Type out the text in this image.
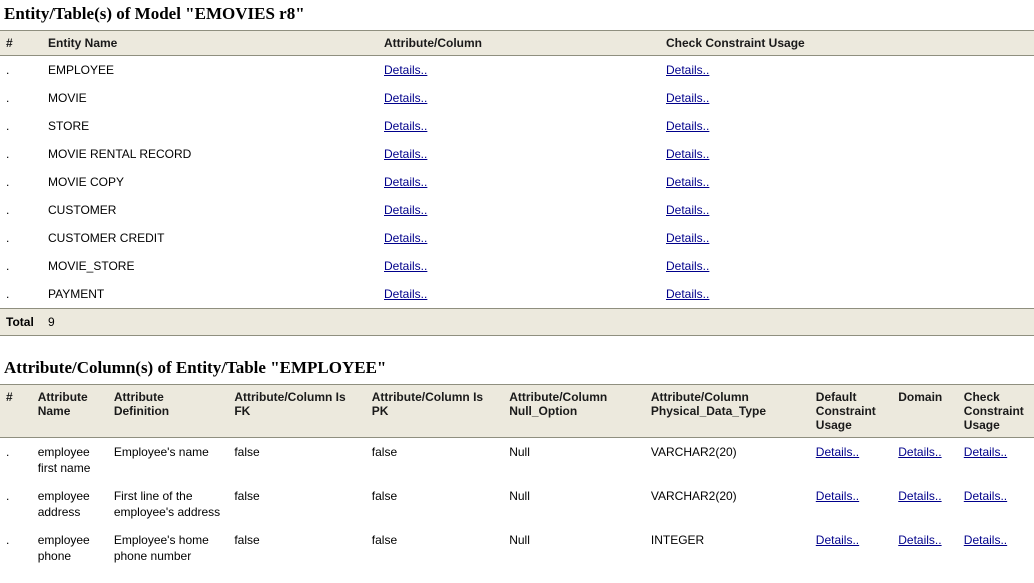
Entity/Table(s) of Model "EMOVIES r8"
#	Entity Name	Attribute/Column	Check Constraint Usage
.	EMPLOYEE	Details..	Details..
.	MOVIE	Details..	Details..
.	STORE	Details..	Details..
.	MOVIE RENTAL RECORD	Details..	Details..
.	MOVIE COPY	Details..	Details..
.	CUSTOMER	Details..	Details..
.	CUSTOMER CREDIT	Details..	Details..
.	MOVIE_STORE	Details..	Details..
.	PAYMENT	Details..	Details..
Total	9		
Attribute/Column(s) of Entity/Table "EMPLOYEE"
#	Attribute Name	Attribute Definition	Attribute/Column Is FK	Attribute/Column Is PK	Attribute/Column Null_Option	Attribute/Column Physical_Data_Type	Default Constraint Usage	Domain	Check Constraint Usage
.	employee first name	Employee's name	false	false	Null	VARCHAR2(20)	Details..	Details..	Details..
.	employee address	First line of the employee's address	false	false	Null	VARCHAR2(20)	Details..	Details..	Details..
.	employee phone	Employee's home phone number	false	false	Null	INTEGER	Details..	Details..	Details..
